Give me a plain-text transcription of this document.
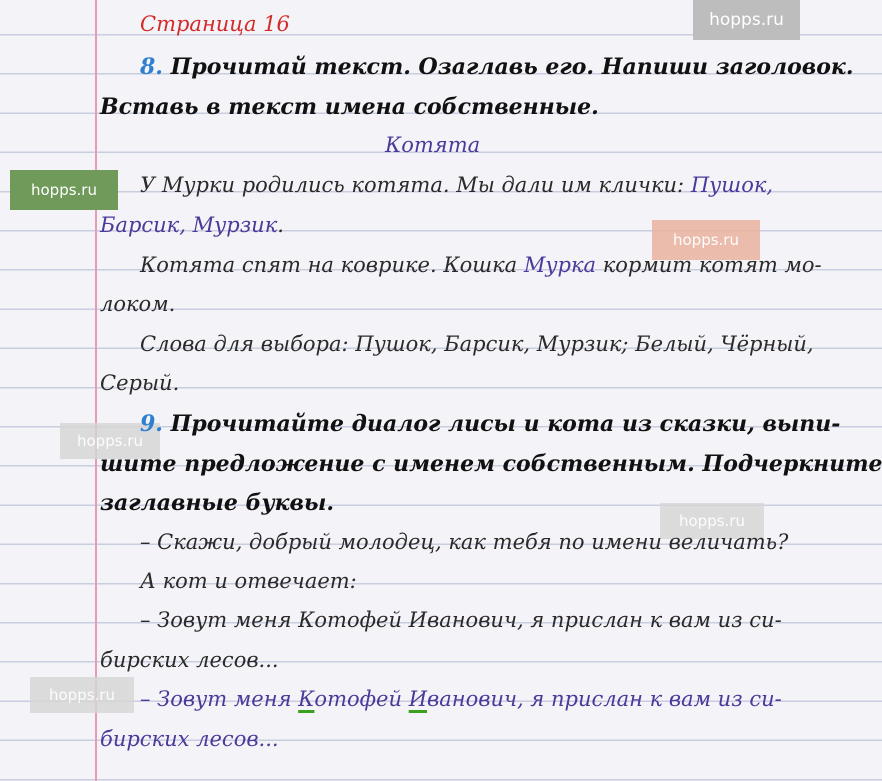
hopps.ru
hopps.ru
hopps.ru
hopps.ru
hopps.ru
hopps.ru
Страница 16
8. Прочитай текст. Озаглавь его. Напиши заголовок.
Вставь в текст имена собственные.
Котята
У Мурки родились котята. Мы дали им клички: Пушок,
Барсик, Мурзик.
Котята спят на коврике. Кошка Мурка кормит котят мо-
локом.
Слова для выбора: Пушок, Барсик, Мурзик; Белый, Чёрный,
Серый.
9. Прочитайте диалог лисы и кота из сказки, выпи-
шите предложение с именем собственным. Подчеркните
заглавные буквы.
– Скажи, добрый молодец, как тебя по имени величать?
А кот и отвечает:
– Зовут меня Котофей Иванович, я прислан к вам из си-
бирских лесов...
– Зовут меня Котофей Иванович, я прислан к вам из си-
бирских лесов...
